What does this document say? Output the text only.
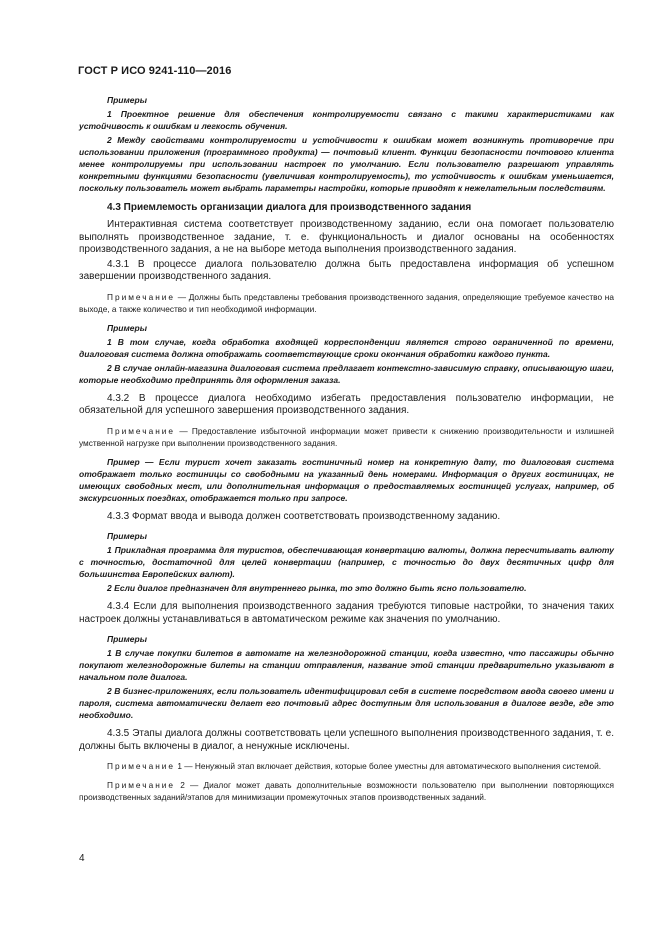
ГОСТ Р ИСО 9241-110—2016
Примеры

1 Проектное решение для обеспечения контролируемости связано с такими характеристиками как устойчивость к ошибкам и легкость обучения.

2 Между свойствами контролируемости и устойчивости к ошибкам может возникнуть противоречие при использовании приложения (программного продукта) — почтовый клиент. Функции безопасности почтового клиента менее контролируемы при использовании настроек по умолчанию. Если пользователю разрешают управлять конкретными функциями безопасности (увеличивая контролируемость), то устойчивость к ошибкам уменьшается, поскольку пользователь может выбрать параметры настройки, которые приводят к нежелательным последствиям.

4.3 Приемлемость организации диалога для производственного задания

Интерактивная система соответствует производственному заданию, если она помогает пользователю выполнять производственное задание, т. е. функциональность и диалог основаны на особенностях производственного задания, а не на выборе метода выполнения производственного задания.

4.3.1 В процессе диалога пользователю должна быть предоставлена информация об успешном завершении производственного задания.

Примечание — Должны быть представлены требования производственного задания, определяющие требуемое качество на выходе, а также количество и тип необходимой информации.

Примеры

1 В том случае, когда обработка входящей корреспонденции является строго ограниченной по времени, диалоговая система должна отображать соответствующие сроки окончания обработки каждого пункта.

2 В случае онлайн-магазина диалоговая система предлагает контекстно-зависимую справку, описывающую шаги, которые необходимо предпринять для оформления заказа.

4.3.2 В процессе диалога необходимо избегать предоставления пользователю информации, не обязательной для успешного завершения производственного задания.

Примечание — Предоставление избыточной информации может привести к снижению производительности и излишней умственной нагрузке при выполнении производственного задания.

Пример — Если турист хочет заказать гостиничный номер на конкретную дату, то диалоговая система отображает только гостиницы со свободными на указанный день номерами. Информация о других гостиницах, не имеющих свободных мест, или дополнительная информация о предоставляемых гостиницей услугах, например, об экскурсионных поездках, отображается только при запросе.

4.3.3 Формат ввода и вывода должен соответствовать производственному заданию.

Примеры

1 Прикладная программа для туристов, обеспечивающая конвертацию валюты, должна пересчитывать валюту с точностью, достаточной для целей конвертации (например, с точностью до двух десятичных цифр для большинства Европейских валют).

2 Если диалог предназначен для внутреннего рынка, то это должно быть ясно пользователю.

4.3.4 Если для выполнения производственного задания требуются типовые настройки, то значения таких настроек должны устанавливаться в автоматическом режиме как значения по умолчанию.

Примеры

1 В случае покупки билетов в автомате на железнодорожной станции, когда известно, что пассажиры обычно покупают железнодорожные билеты на станции отправления, название этой станции предварительно указывают в начальном поле диалога.

2 В бизнес-приложениях, если пользователь идентифицировал себя в системе посредством ввода своего имени и пароля, система автоматически делает его почтовый адрес доступным для использования в диалоге везде, где это необходимо.

4.3.5 Этапы диалога должны соответствовать цели успешного выполнения производственного задания, т. е. должны быть включены в диалог, а ненужные исключены.

Примечание 1 — Ненужный этап включает действия, которые более уместны для автоматического выполнения системой.

Примечание 2 — Диалог может давать дополнительные возможности пользователю при выполнении повторяющихся производственных заданий/этапов для минимизации промежуточных этапов производственных заданий.

4
